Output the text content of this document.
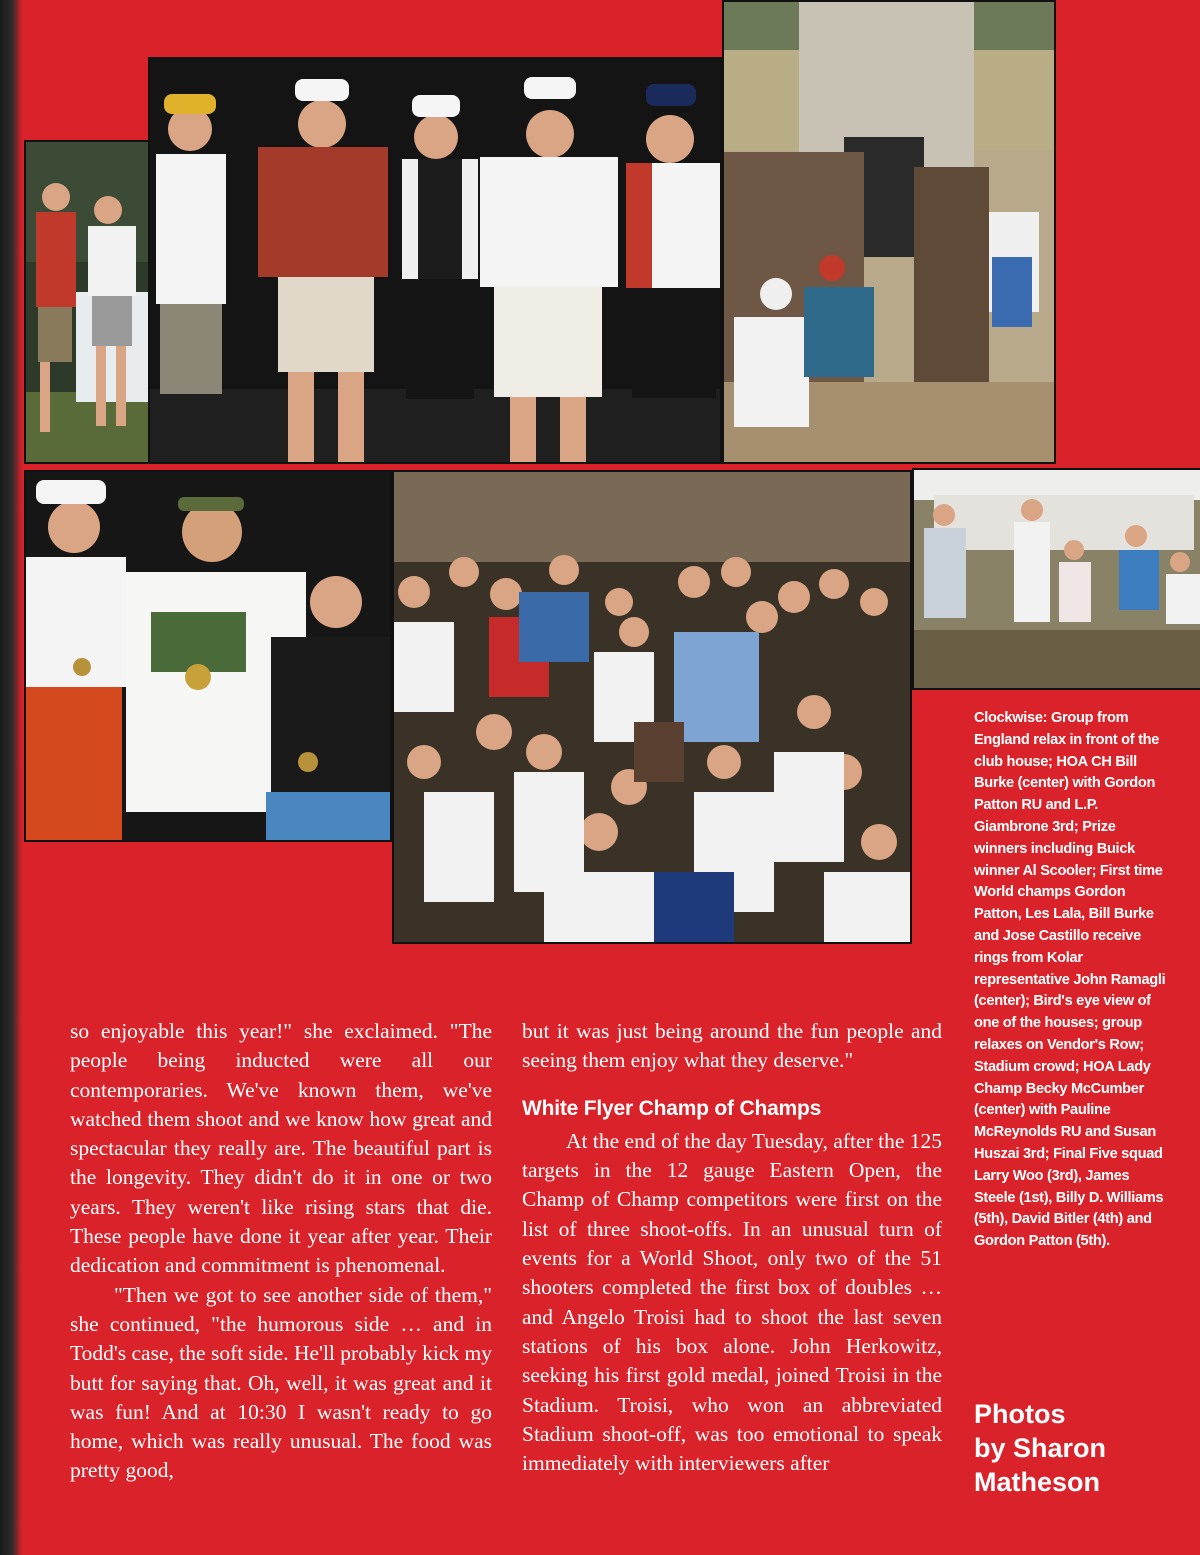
so enjoyable this year!" she exclaimed. "The people being inducted were all our contemporaries. We've known them, we've watched them shoot and we know how great and spectacular they really are. The beautiful part is the longevity. They didn't do it in one or two years. They weren't like rising stars that die. These people have done it year after year. Their dedication and commitment is phenomenal.

"Then we got to see another side of them," she continued, "the humorous side … and in Todd's case, the soft side. He'll probably kick my butt for saying that. Oh, well, it was great and it was fun! And at 10:30 I wasn't ready to go home, which was really unusual. The food was pretty good,

but it was just being around the fun people and seeing them enjoy what they deserve."

White Flyer Champ of Champs

At the end of the day Tuesday, after the 125 targets in the 12 gauge Eastern Open, the Champ of Champ competitors were first on the list of three shoot-offs. In an unusual turn of events for a World Shoot, only two of the 51 shooters completed the first box of doubles … and Angelo Troisi had to shoot the last seven stations of his box alone. John Herkowitz, seeking his first gold medal, joined Troisi in the Stadium. Troisi, who won an abbreviated Stadium shoot-off, was too emotional to speak immediately with interviewers after

Clockwise: Group from England relax in front of the club house; HOA CH Bill Burke (center) with Gordon Patton RU and L.P. Giambrone 3rd; Prize winners including Buick winner Al Scooler; First time World champs Gordon Patton, Les Lala, Bill Burke and Jose Castillo receive rings from Kolar representative John Ramagli (center); Bird's eye view of one of the houses; group relaxes on Vendor's Row; Stadium crowd; HOA Lady Champ Becky McCumber (center) with Pauline McReynolds RU and Susan Huszai 3rd; Final Five squad Larry Woo (3rd), James Steele (1st), Billy D. Williams (5th), David Bitler (4th) and Gordon Patton (5th).
Photos
by Sharon
Matheson
